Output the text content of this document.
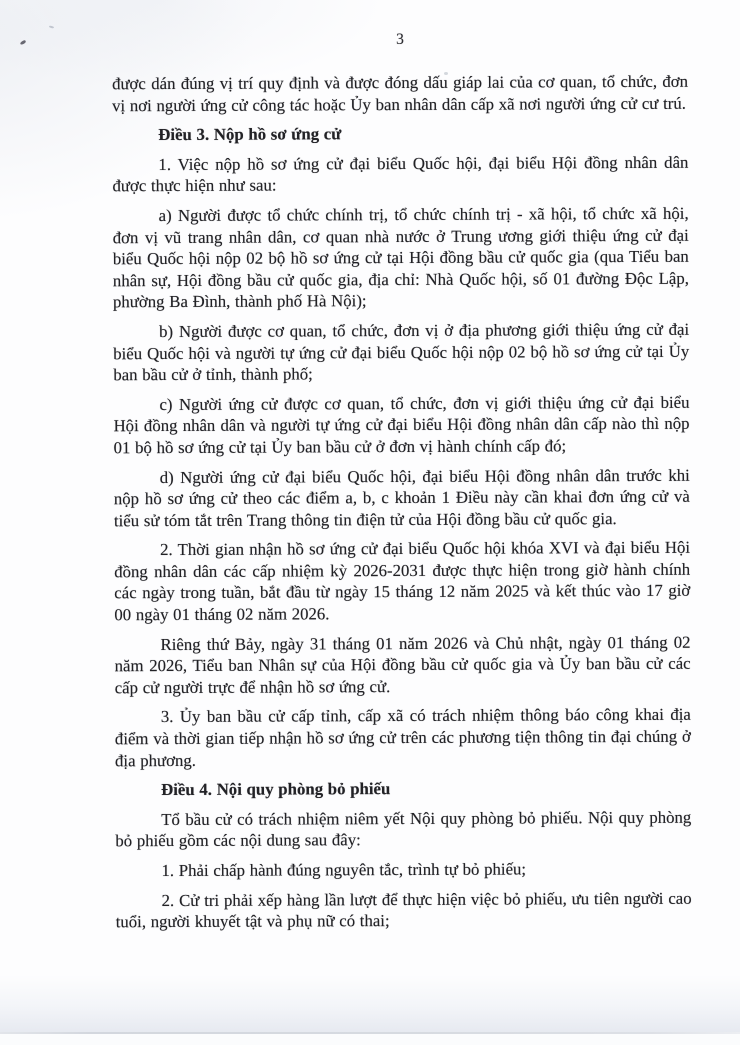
3

được dán đúng vị trí quy định và được đóng dấu giáp lai của cơ quan, tổ chức, đơn vị nơi người ứng cử công tác hoặc Ủy ban nhân dân cấp xã nơi người ứng cử cư trú.

Điều 3. Nộp hồ sơ ứng cử

1. Việc nộp hồ sơ ứng cử đại biểu Quốc hội, đại biểu Hội đồng nhân dân được thực hiện như sau:

a) Người được tổ chức chính trị, tổ chức chính trị - xã hội, tổ chức xã hội, đơn vị vũ trang nhân dân, cơ quan nhà nước ở Trung ương giới thiệu ứng cử đại biểu Quốc hội nộp 02 bộ hồ sơ ứng cử tại Hội đồng bầu cử quốc gia (qua Tiểu ban nhân sự, Hội đồng bầu cử quốc gia, địa chỉ: Nhà Quốc hội, số 01 đường Độc Lập, phường Ba Đình, thành phố Hà Nội);

b) Người được cơ quan, tổ chức, đơn vị ở địa phương giới thiệu ứng cử đại biểu Quốc hội và người tự ứng cử đại biểu Quốc hội nộp 02 bộ hồ sơ ứng cử tại Ủy ban bầu cử ở tỉnh, thành phố;

c) Người ứng cử được cơ quan, tổ chức, đơn vị giới thiệu ứng cử đại biểu Hội đồng nhân dân và người tự ứng cử đại biểu Hội đồng nhân dân cấp nào thì nộp 01 bộ hồ sơ ứng cử tại Ủy ban bầu cử ở đơn vị hành chính cấp đó;

d) Người ứng cử đại biểu Quốc hội, đại biểu Hội đồng nhân dân trước khi nộp hồ sơ ứng cử theo các điểm a, b, c khoản 1 Điều này cần khai đơn ứng cử và tiểu sử tóm tắt trên Trang thông tin điện tử của Hội đồng bầu cử quốc gia.

2. Thời gian nhận hồ sơ ứng cử đại biểu Quốc hội khóa XVI và đại biểu Hội đồng nhân dân các cấp nhiệm kỳ 2026-2031 được thực hiện trong giờ hành chính các ngày trong tuần, bắt đầu từ ngày 15 tháng 12 năm 2025 và kết thúc vào 17 giờ 00 ngày 01 tháng 02 năm 2026.

Riêng thứ Bảy, ngày 31 tháng 01 năm 2026 và Chủ nhật, ngày 01 tháng 02 năm 2026, Tiểu ban Nhân sự của Hội đồng bầu cử quốc gia và Ủy ban bầu cử các cấp cử người trực để nhận hồ sơ ứng cử.

3. Ủy ban bầu cử cấp tỉnh, cấp xã có trách nhiệm thông báo công khai địa điểm và thời gian tiếp nhận hồ sơ ứng cử trên các phương tiện thông tin đại chúng ở địa phương.

Điều 4. Nội quy phòng bỏ phiếu

Tổ bầu cử có trách nhiệm niêm yết Nội quy phòng bỏ phiếu. Nội quy phòng bỏ phiếu gồm các nội dung sau đây:

1. Phải chấp hành đúng nguyên tắc, trình tự bỏ phiếu;

2. Cử tri phải xếp hàng lần lượt để thực hiện việc bỏ phiếu, ưu tiên người cao tuổi, người khuyết tật và phụ nữ có thai;
